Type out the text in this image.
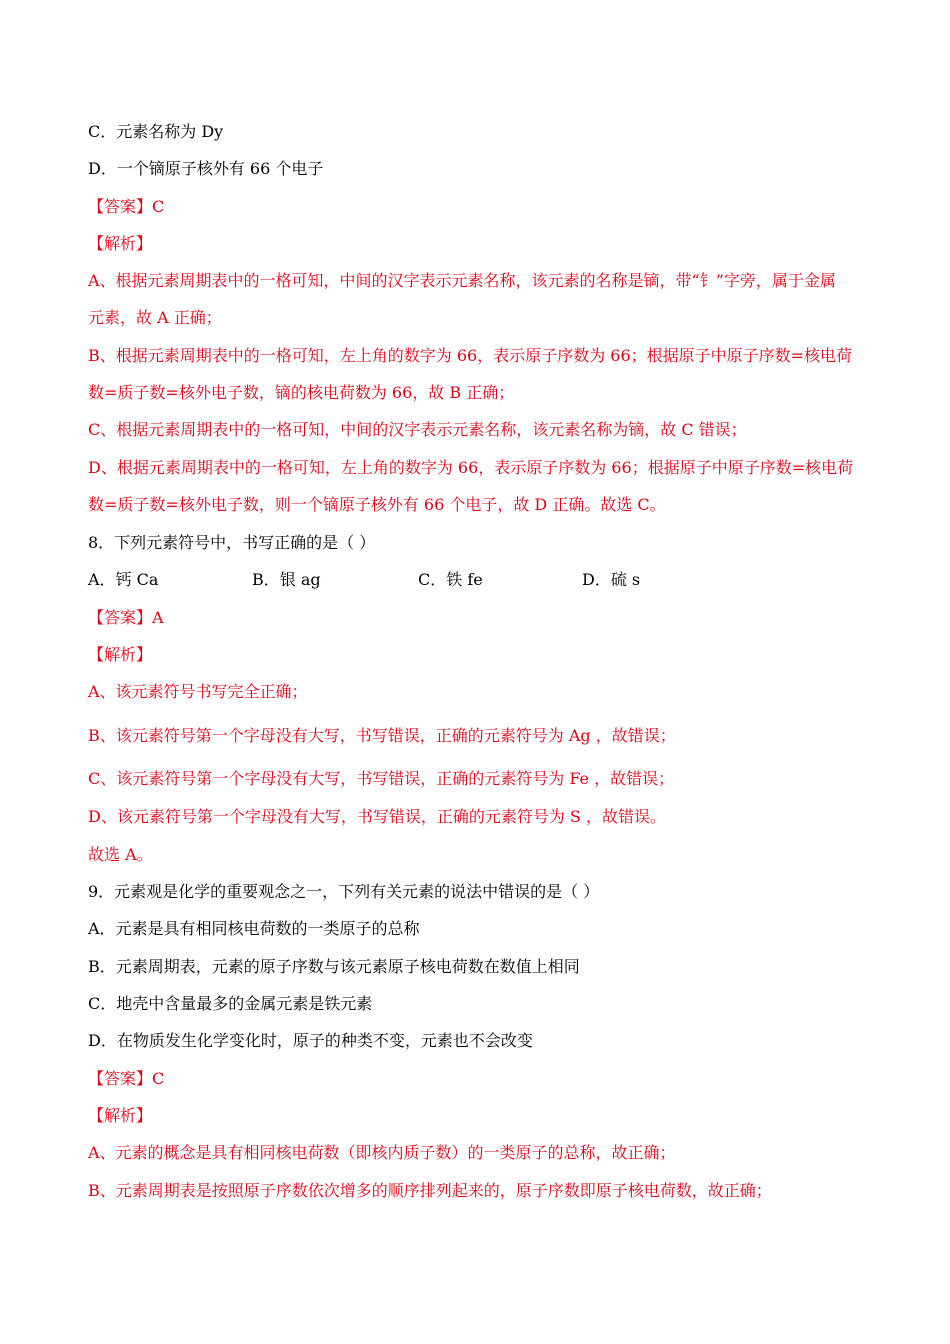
C．元素名称为 Dy
D．一个镝原子核外有 66 个电子
【答案】C
【解析】
A、根据元素周期表中的一格可知，中间的汉字表示元素名称，该元素的名称是镝，带“钅”字旁，属于金属
元素，故 A 正确；
B、根据元素周期表中的一格可知，左上角的数字为 66，表示原子序数为 66；根据原子中原子序数=核电荷
数=质子数=核外电子数，镝的核电荷数为 66，故 B 正确；
C、根据元素周期表中的一格可知，中间的汉字表示元素名称，该元素名称为镝，故 C 错误；
D、根据元素周期表中的一格可知，左上角的数字为 66，表示原子序数为 66；根据原子中原子序数=核电荷
数=质子数=核外电子数，则一个镝原子核外有 66 个电子，故 D 正确。故选 C。
8．下列元素符号中，书写正确的是（ ）
A．钙 Ca	B．银 ag	C．铁 fe	D．硫 s
【答案】A
【解析】
A、该元素符号书写完全正确；
B、该元素符号第一个字母没有大写，书写错误，正确的元素符号为 Ag ，故错误；
C、该元素符号第一个字母没有大写，书写错误，正确的元素符号为 Fe ，故错误；
D、该元素符号第一个字母没有大写，书写错误，正确的元素符号为 S ，故错误。
故选 A。
9．元素观是化学的重要观念之一，下列有关元素的说法中错误的是（ ）
A．元素是具有相同核电荷数的一类原子的总称
B．元素周期表，元素的原子序数与该元素原子核电荷数在数值上相同
C．地壳中含量最多的金属元素是铁元素
D．在物质发生化学变化时，原子的种类不变，元素也不会改变
【答案】C
【解析】
A、元素的概念是具有相同核电荷数（即核内质子数）的一类原子的总称，故正确；
B、元素周期表是按照原子序数依次增多的顺序排列起来的，原子序数即原子核电荷数，故正确；
